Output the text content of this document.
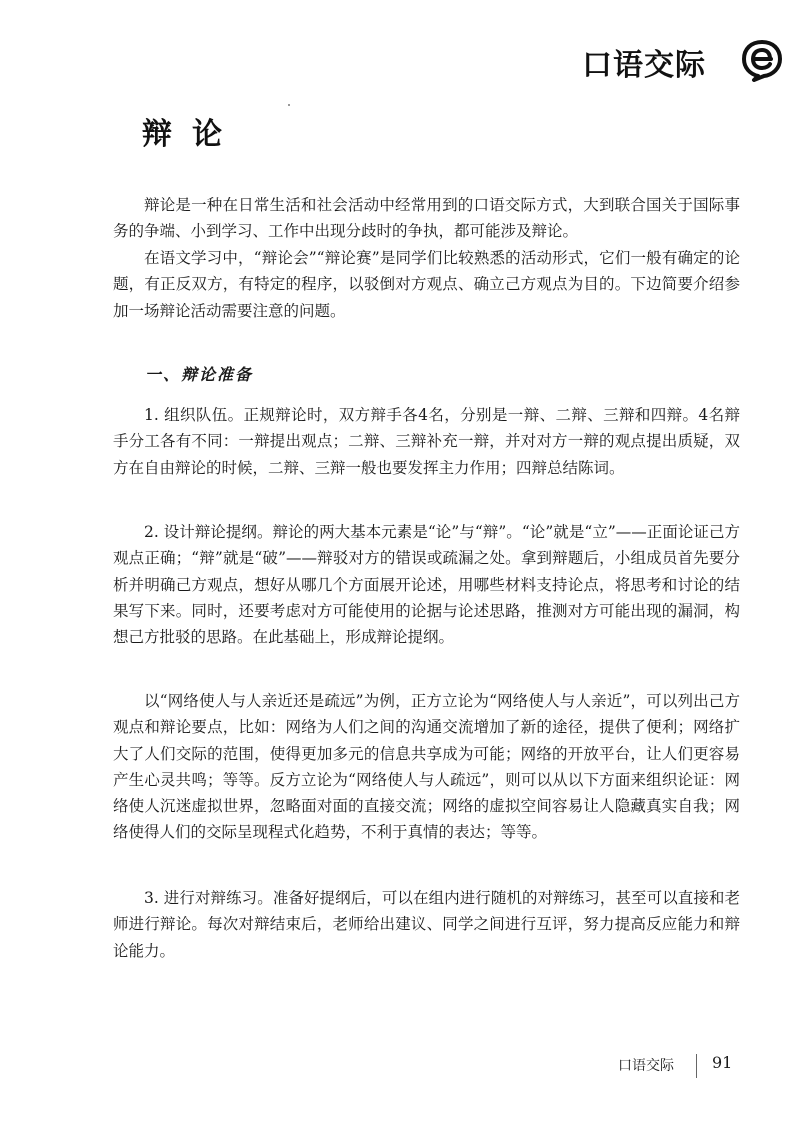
口语交际
辩论

辩论是一种在日常生活和社会活动中经常用到的口语交际方式，大到联合国关于国际事务的争端、小到学习、工作中出现分歧时的争执，都可能涉及辩论。

在语文学习中，“辩论会”“辩论赛”是同学们比较熟悉的活动形式，它们一般有确定的论题，有正反双方，有特定的程序，以驳倒对方观点、确立己方观点为目的。下边简要介绍参加一场辩论活动需要注意的问题。

一、辩论准备

1. 组织队伍。正规辩论时，双方辩手各4名，分别是一辩、二辩、三辩和四辩。4名辩手分工各有不同：一辩提出观点；二辩、三辩补充一辩，并对对方一辩的观点提出质疑，双方在自由辩论的时候，二辩、三辩一般也要发挥主力作用；四辩总结陈词。

2. 设计辩论提纲。辩论的两大基本元素是“论”与“辩”。“论”就是“立”——正面论证己方观点正确；“辩”就是“破”——辩驳对方的错误或疏漏之处。拿到辩题后，小组成员首先要分析并明确己方观点，想好从哪几个方面展开论述，用哪些材料支持论点，将思考和讨论的结果写下来。同时，还要考虑对方可能使用的论据与论述思路，推测对方可能出现的漏洞，构想己方批驳的思路。在此基础上，形成辩论提纲。

以“网络使人与人亲近还是疏远”为例，正方立论为“网络使人与人亲近”，可以列出己方观点和辩论要点，比如：网络为人们之间的沟通交流增加了新的途径，提供了便利；网络扩大了人们交际的范围，使得更加多元的信息共享成为可能；网络的开放平台，让人们更容易产生心灵共鸣；等等。反方立论为“网络使人与人疏远”，则可以从以下方面来组织论证：网络使人沉迷虚拟世界，忽略面对面的直接交流；网络的虚拟空间容易让人隐藏真实自我；网络使得人们的交际呈现程式化趋势，不利于真情的表达；等等。

3. 进行对辩练习。准备好提纲后，可以在组内进行随机的对辩练习，甚至可以直接和老师进行辩论。每次对辩结束后，老师给出建议、同学之间进行互评，努力提高反应能力和辩论能力。

口语交际 91
